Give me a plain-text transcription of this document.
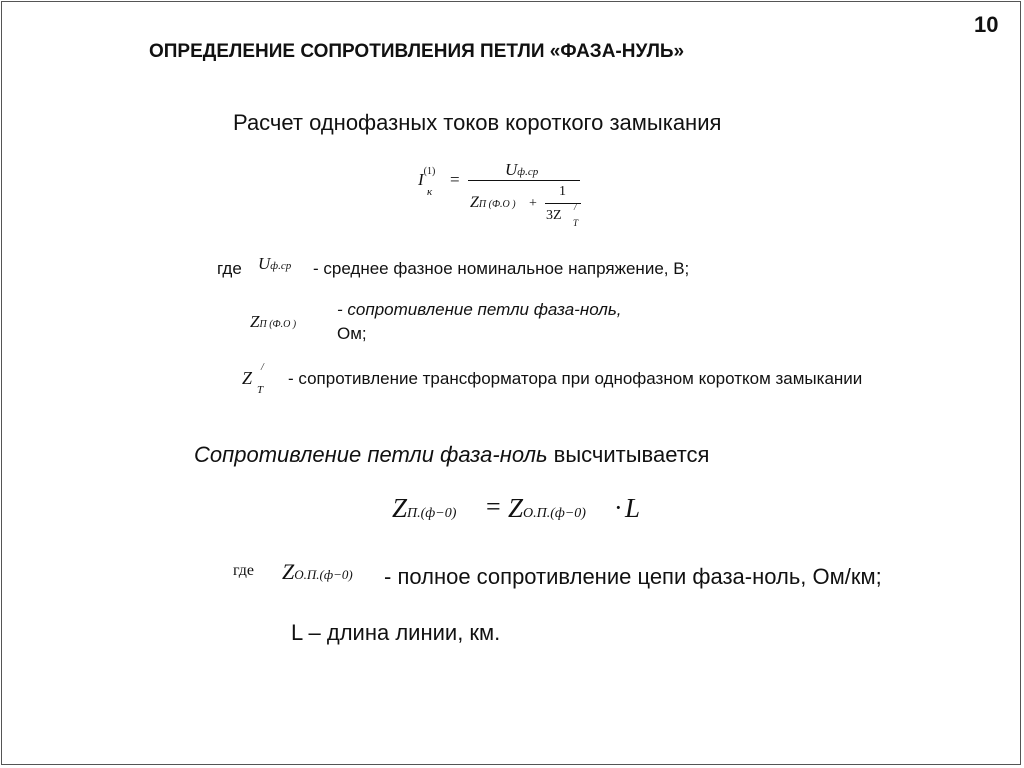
10
ОПРЕДЕЛЕНИЕ СОПРОТИВЛЕНИЯ ПЕТЛИ «ФАЗА-НУЛЬ»
Расчет однофазных токов короткого замыкания
$I^{(1)}$
к
=
Uф.ср
ZП (Ф.О ) +
1
3Z
/
T
где Uф.ср - среднее фазное номинальное напряжение, В;
ZП (Ф.О )
- сопротивление петли фаза-ноль,
Ом;
Z
/
T
- сопротивление трансформатора при однофазном коротком замыкании
Сопротивление петли фаза-ноль высчитывается
ZП.(ф−0) = ZО.П.(ф−0) · L
где ZО.П.(ф−0) - полное сопротивление цепи фаза-ноль, Ом/км;
L – длина линии, км.
